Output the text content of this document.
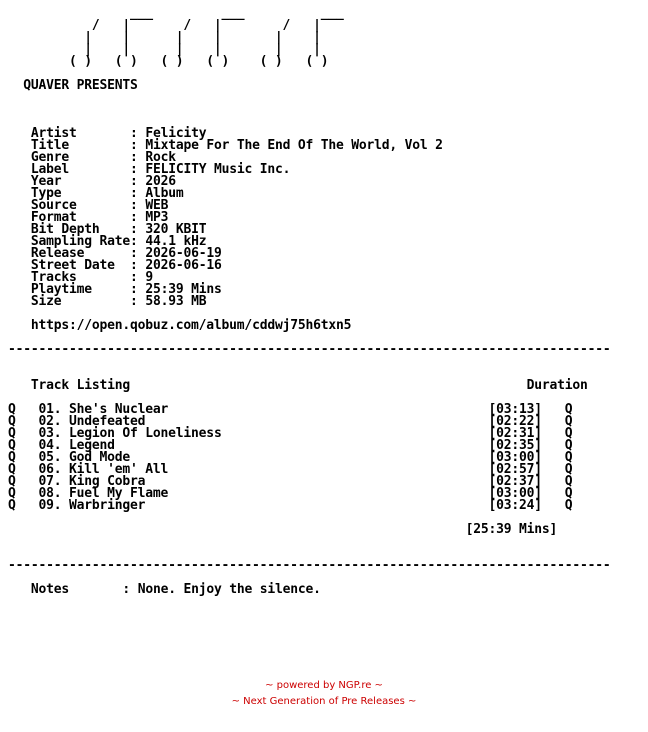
___         ___          ___
/   |       /   |        /   |
|    |      |    |       |    |
|    |      |    |       |    |
( )   ( )   ( )   ( )    ( )   ( )

QUAVER PRESENTS

Artist       : Felicity
Title        : Mixtape For The End Of The World, Vol 2
Genre        : Rock
Label        : FELICITY Music Inc.
Year         : 2026
Type         : Album
Source       : WEB
Format       : MP3
Bit Depth    : 320 KBIT
Sampling Rate: 44.1 kHz
Release      : 2026-06-19
Street Date  : 2026-06-16
Tracks       : 9
Playtime     : 25:39 Mins
Size         : 58.93 MB

https://open.qobuz.com/album/cddwj75h6txn5

-------------------------------------------------------------------------------

Track Listing	Duration

Q   01. She's Nuclear                                          [03:13] Q
Q   02. Undefeated                                             [02:22] Q
Q   03. Legion Of Loneliness                                   [02:31] Q
Q   04. Legend                                                 [02:35] Q
Q   05. God Mode                                               [03:00] Q
Q   06. Kill 'em' All                                          [02:57] Q
Q   07. King Cobra                                             [02:37] Q
Q   08. Fuel My Flame                                          [03:00] Q
Q   09. Warbringer                                             [03:24] Q

[25:39 Mins]

-------------------------------------------------------------------------------

Notes       : None. Enjoy the silence.
~ powered by NGP.re ~
~ Next Generation of Pre Releases ~
